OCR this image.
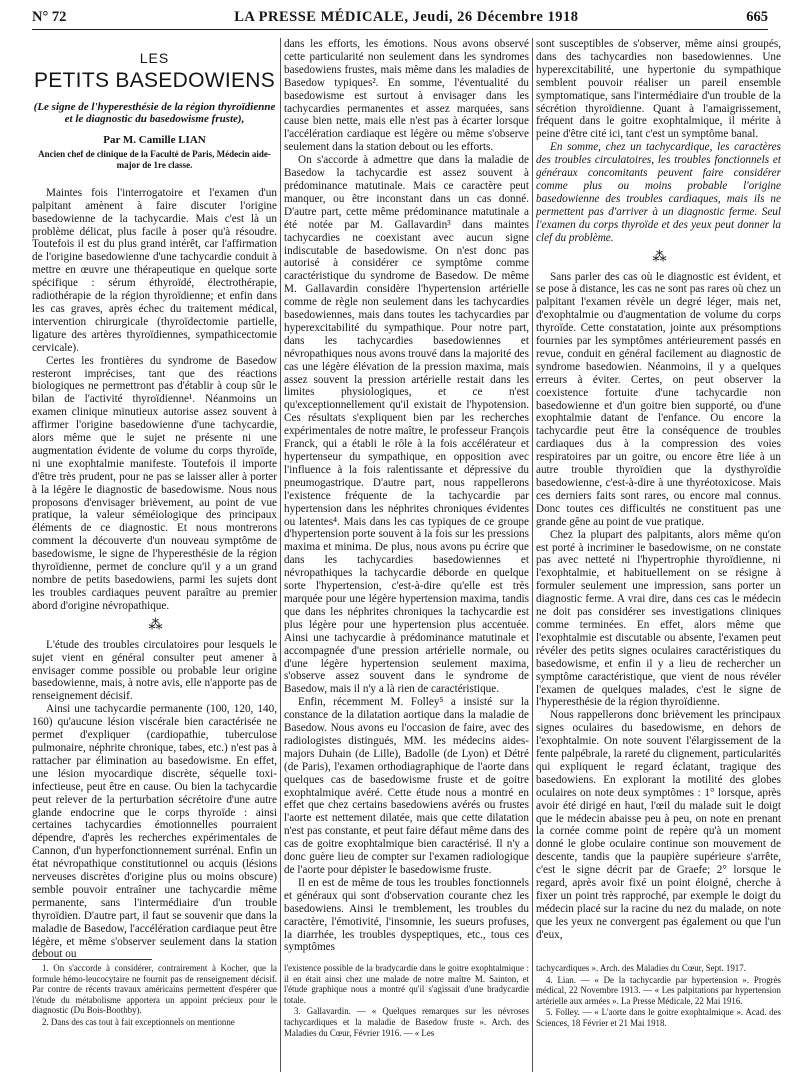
N° 72	LA PRESSE MÉDICALE, Jeudi, 26 Décembre 1918	665
LES
PETITS BASEDOWIENS
(Le signe de l'hyperesthésie de la région thyroïdienne et le diagnostic du basedowisme fruste),
Par M. Camille LIAN
Ancien chef de clinique de la Faculté de Paris, Médecin aide-major de 1re classe.

Maintes fois l'interrogatoire et l'examen d'un palpitant amènent à faire discuter l'origine basedowienne de la tachycardie. Mais c'est là un problème délicat, plus facile à poser qu'à résoudre. Toutefois il est du plus grand intérêt, car l'affirmation de l'origine basedowienne d'une tachycardie conduit à mettre en œuvre une thérapeutique en quelque sorte spécifique : sérum éthyroïdé, électrothérapie, radiothérapie de la région thyroïdienne; et enfin dans les cas graves, après échec du traitement médical, intervention chirurgicale (thyroïdectomie partielle, ligature des artères thyroïdiennes, sympathicectomie cervicale).

Certes les frontières du syndrome de Basedow resteront imprécises, tant que des réactions biologiques ne permettront pas d'établir à coup sûr le bilan de l'activité thyroïdienne¹. Néanmoins un examen clinique minutieux autorise assez souvent à affirmer l'origine basedowienne d'une tachycardie, alors même que le sujet ne présente ni une augmentation évidente de volume du corps thyroïde, ni une exophtalmie manifeste. Toutefois il importe d'être très prudent, pour ne pas se laisser aller à porter à la légère le diagnostic de basedowisme. Nous nous proposons d'envisager brièvement, au point de vue pratique, la valeur séméiologique des principaux éléments de ce diagnostic. Et nous montrerons comment la découverte d'un nouveau symptôme de basedowisme, le signe de l'hyperesthésie de la région thyroïdienne, permet de conclure qu'il y a un grand nombre de petits basedowiens, parmi les sujets dont les troubles cardiaques peuvent paraître au premier abord d'origine névropathique.

⁂

L'étude des troubles circulatoires pour lesquels le sujet vient en général consulter peut amener à envisager comme possible ou probable leur origine basedowienne, mais, à notre avis, elle n'apporte pas de renseignement décisif.

Ainsi une tachycardie permanente (100, 120, 140, 160) qu'aucune lésion viscérale bien caractérisée ne permet d'expliquer (cardiopathie, tuberculose pulmonaire, néphrite chronique, tabes, etc.) n'est pas à rattacher par élimination au basedowisme. En effet, une lésion myocardique discrète, séquelle toxi-infectieuse, peut être en cause. Ou bien la tachycardie peut relever de la perturbation sécrétoire d'une autre glande endocrine que le corps thyroïde : ainsi certaines tachycardies émotionnelles pourraient dépendre, d'après les recherches expérimentales de Cannon, d'un hyperfonctionnement surrénal. Enfin un état névropathique constitutionnel ou acquis (lésions nerveuses discrètes d'origine plus ou moins obscure) semble pouvoir entraîner une tachycardie même permanente, sans l'intermédiaire d'un trouble thyroïdien. D'autre part, il faut se souvenir que dans la maladie de Basedow, l'accélération cardiaque peut être légère, et même s'observer seulement dans la station debout ou

dans les efforts, les émotions. Nous avons observé cette particularité non seulement dans les syndromes basedowiens frustes, mais même dans les maladies de Basedow typiques². En somme, l'éventualité du basedowisme est surtout à envisager dans les tachycardies permanentes et assez marquées, sans cause bien nette, mais elle n'est pas à écarter lorsque l'accélération cardiaque est légère ou même s'observe seulement dans la station debout ou les efforts.

On s'accorde à admettre que dans la maladie de Basedow la tachycardie est assez souvent à prédominance matutinale. Mais ce caractère peut manquer, ou être inconstant dans un cas donné. D'autre part, cette même prédominance matutinale a été notée par M. Gallavardin³ dans maintes tachycardies ne coexistant avec aucun signe indiscutable de basedowisme. On n'est donc pas autorisé à considérer ce symptôme comme caractéristique du syndrome de Basedow. De même M. Gallavardin considère l'hypertension artérielle comme de règle non seulement dans les tachycardies basedowiennes, mais dans toutes les tachycardies par hyperexcitabilité du sympathique. Pour notre part, dans les tachycardies basedowiennes et névropathiques nous avons trouvé dans la majorité des cas une légère élévation de la pression maxima, mais assez souvent la pression artérielle restait dans les limites physiologiques, et ce n'est qu'exceptionnellement qu'il existait de l'hypotension. Ces résultats s'expliquent bien par les recherches expérimentales de notre maître, le professeur François Franck, qui a établi le rôle à la fois accélérateur et hypertenseur du sympathique, en opposition avec l'influence à la fois ralentissante et dépressive du pneumogastrique. D'autre part, nous rappellerons l'existence fréquente de la tachycardie par hypertension dans les néphrites chroniques évidentes ou latentes⁴. Mais dans les cas typiques de ce groupe d'hypertension porte souvent à la fois sur les pressions maxima et minima. De plus, nous avons pu écrire que dans les tachycardies basedowiennes et névropathiques la tachycardie déborde en quelque sorte l'hypertension, c'est-à-dire qu'elle est très marquée pour une légère hypertension maxima, tandis que dans les néphrites chroniques la tachycardie est plus légère pour une hypertension plus accentuée. Ainsi une tachycardie à prédominance matutinale et accompagnée d'une pression artérielle normale, ou d'une légère hypertension seulement maxima, s'observe assez souvent dans le syndrome de Basedow, mais il n'y a là rien de caractéristique.

Enfin, récemment M. Folley⁵ a insisté sur la constance de la dilatation aortique dans la maladie de Basedow. Nous avons eu l'occasion de faire, avec des radiologistes distingués, MM. les médecins aides-majors Duhain (de Lille), Badolle (de Lyon) et Détré (de Paris), l'examen orthodiagraphique de l'aorte dans quelques cas de basedowisme fruste et de goitre exophtalmique avéré. Cette étude nous a montré en effet que chez certains basedowiens avérés ou frustes l'aorte est nettement dilatée, mais que cette dilatation n'est pas constante, et peut faire défaut même dans des cas de goitre exophtalmique bien caractérisé. Il n'y a donc guère lieu de compter sur l'examen radiologique de l'aorte pour dépister le basedowisme fruste.

Il en est de même de tous les troubles fonctionnels et généraux qui sont d'observation courante chez les basedowiens. Ainsi le tremblement, les troubles du caractère, l'émotivité, l'insomnie, les sueurs profuses, la diarrhée, les troubles dyspeptiques, etc., tous ces symptômes

sont susceptibles de s'observer, même ainsi groupés, dans des tachycardies non basedowiennes. Une hyperexcitabilité, une hypertonie du sympathique semblent pouvoir réaliser un pareil ensemble symptomatique, sans l'intermédiaire d'un trouble de la sécrétion thyroïdienne. Quant à l'amaigrissement, fréquent dans le goitre exophtalmique, il mérite à peine d'être cité ici, tant c'est un symptôme banal.

En somme, chez un tachycardique, les caractères des troubles circulatoires, les troubles fonctionnels et généraux concomitants peuvent faire considérer comme plus ou moins probable l'origine basedowienne des troubles cardiaques, mais ils ne permettent pas d'arriver à un diagnostic ferme. Seul l'examen du corps thyroïde et des yeux peut donner la clef du problème.

⁂

Sans parler des cas où le diagnostic est évident, et se pose à distance, les cas ne sont pas rares où chez un palpitant l'examen révèle un degré léger, mais net, d'exophtalmie ou d'augmentation de volume du corps thyroïde. Cette constatation, jointe aux présomptions fournies par les symptômes antérieurement passés en revue, conduit en général facilement au diagnostic de syndrome basedowien. Néanmoins, il y a quelques erreurs à éviter. Certes, on peut observer la coexistence fortuite d'une tachycardie non basedowienne et d'un goitre bien supporté, ou d'une exophtalmie datant de l'enfance. Ou encore la tachycardie peut être la conséquence de troubles cardiaques dus à la compression des voies respiratoires par un goitre, ou encore être liée à un autre trouble thyroïdien que la dysthyroïdie basedowienne, c'est-à-dire à une thyréotoxicose. Mais ces derniers faits sont rares, ou encore mal connus. Donc toutes ces difficultés ne constituent pas une grande gêne au point de vue pratique.

Chez la plupart des palpitants, alors même qu'on est porté à incriminer le basedowisme, on ne constate pas avec netteté ni l'hypertrophie thyroïdienne, ni l'exophtalmie, et habituellement on se résigne à formuler seulement une impression, sans porter un diagnostic ferme. A vrai dire, dans ces cas le médecin ne doit pas considérer ses investigations cliniques comme terminées. En effet, alors même que l'exophtalmie est discutable ou absente, l'examen peut révéler des petits signes oculaires caractéristiques du basedowisme, et enfin il y a lieu de rechercher un symptôme caractéristique, que vient de nous révéler l'examen de quelques malades, c'est le signe de l'hyperesthésie de la région thyroïdienne.

Nous rappellerons donc brièvement les principaux signes oculaires du basedowisme, en dehors de l'exophtalmie. On note souvent l'élargissement de la fente palpébrale, la rareté du clignement, particularités qui expliquent le regard éclatant, tragique des basedowiens. En explorant la motilité des globes oculaires on note deux symptômes : 1° lorsque, après avoir été dirigé en haut, l'œil du malade suit le doigt que le médecin abaisse peu à peu, on note en prenant la cornée comme point de repère qu'à un moment donné le globe oculaire continue son mouvement de descente, tandis que la paupière supérieure s'arrête, c'est le signe décrit par de Graefe; 2° lorsque le regard, après avoir fixé un point éloigné, cherche à fixer un point très rapproché, par exemple le doigt du médecin placé sur la racine du nez du malade, on note que les yeux ne convergent pas également ou que l'un d'eux,

1. On s'accorde à considérer, contrairement à Kocher, que la formule hémo-leucocytaire ne fournit pas de renseignement décisif. Par contre de récents travaux américains permettent d'espérer que l'étude du métabolisme apportera un appoint précieux pour le diagnostic (Du Bois-Boothby).

2. Dans des cas tout à fait exceptionnels on mentionne

l'existence possible de la bradycardie dans le goitre exophtalmique : il en était ainsi chez une malade de notre maître M. Sainton, et l'étude graphique nous a montré qu'il s'agissait d'une bradycardie totale.

3. Gallavardin. — « Quelques remarques sur les névroses tachycardiques et la maladie de Basedow fruste ». Arch. des Maladies du Cœur, Février 1916. — « Les

tachycardiques ». Arch. des Maladies du Cœur, Sept. 1917.

4. Lian. — « De la tachycardie par hypertension ». Progrès médical, 22 Novembre 1913. — « Les palpitations par hypertension artérielle aux armées ». La Presse Médicale, 22 Mai 1916.

5. Folley. — « L'aorte dans le goitre exophtalmique ». Acad. des Sciences, 18 Février et 21 Mai 1918.
